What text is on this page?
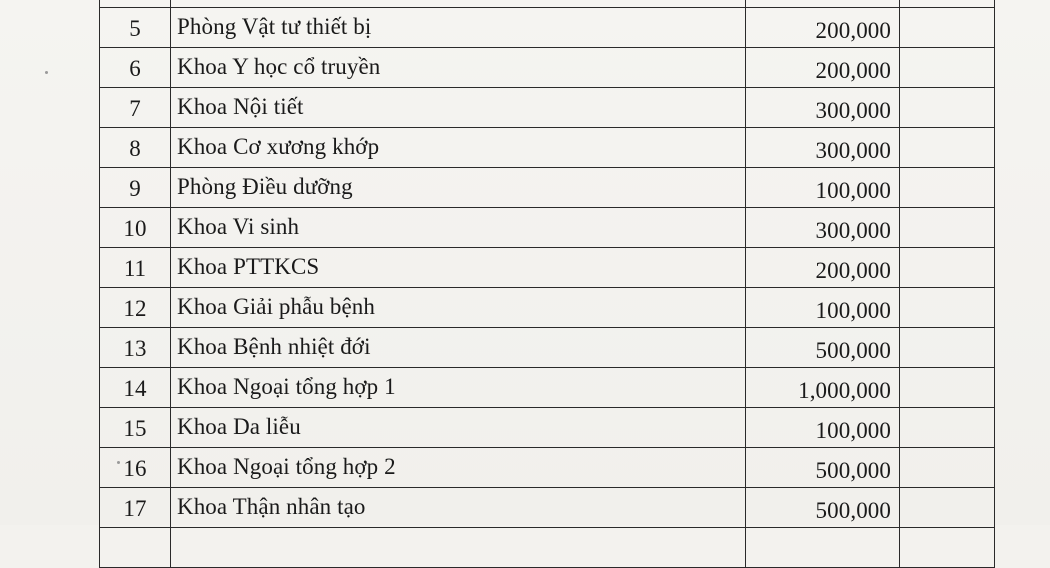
5	Phòng Vật tư thiết bị	200,000
6	Khoa Y học cổ truyền	200,000
7	Khoa Nội tiết	300,000
8	Khoa Cơ xương khớp	300,000
9	Phòng Điều dưỡng	100,000
10	Khoa Vi sinh	300,000
11	Khoa PTTKCS	200,000
12	Khoa Giải phẫu bệnh	100,000
13	Khoa Bệnh nhiệt đới	500,000
14	Khoa Ngoại tổng hợp 1	1,000,000
15	Khoa Da liễu	100,000
16	Khoa Ngoại tổng hợp 2	500,000
17	Khoa Thận nhân tạo	500,000
